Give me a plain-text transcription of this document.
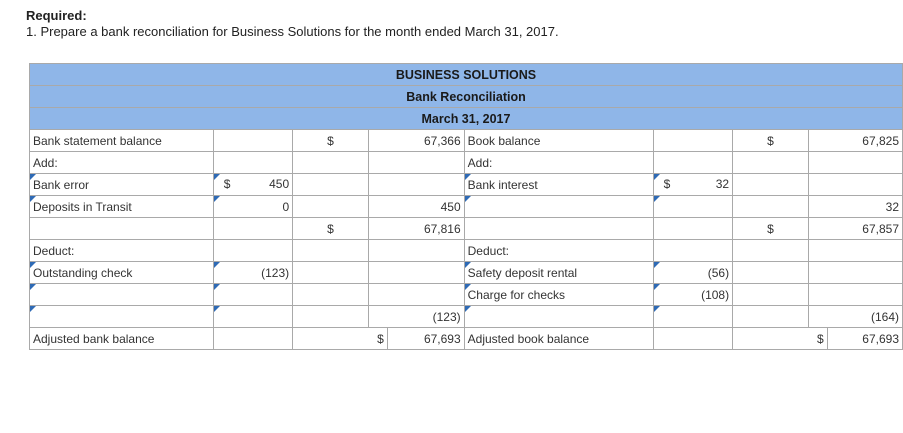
Required:
1. Prepare a bank reconciliation for Business Solutions for the month ended March 31, 2017.
BUSINESS SOLUTIONS									
Bank Reconciliation									
March 31, 2017									
Bank statement balance		$	67,366		Book balance		$	67,825	
Add:					Add:				
Bank error	$ 450				Bank interest	$ 32			

Deposits in Transit	0		450					32	
		$	67,816				$	67,857	
Deduct:					Deduct:				
Outstanding check	(123)				Safety deposit rental	(56)			
					Charge for checks	(108)			
			(123)					(164)	
Adjusted bank balance		$		67,693	Adjusted book balance		$		67,693
